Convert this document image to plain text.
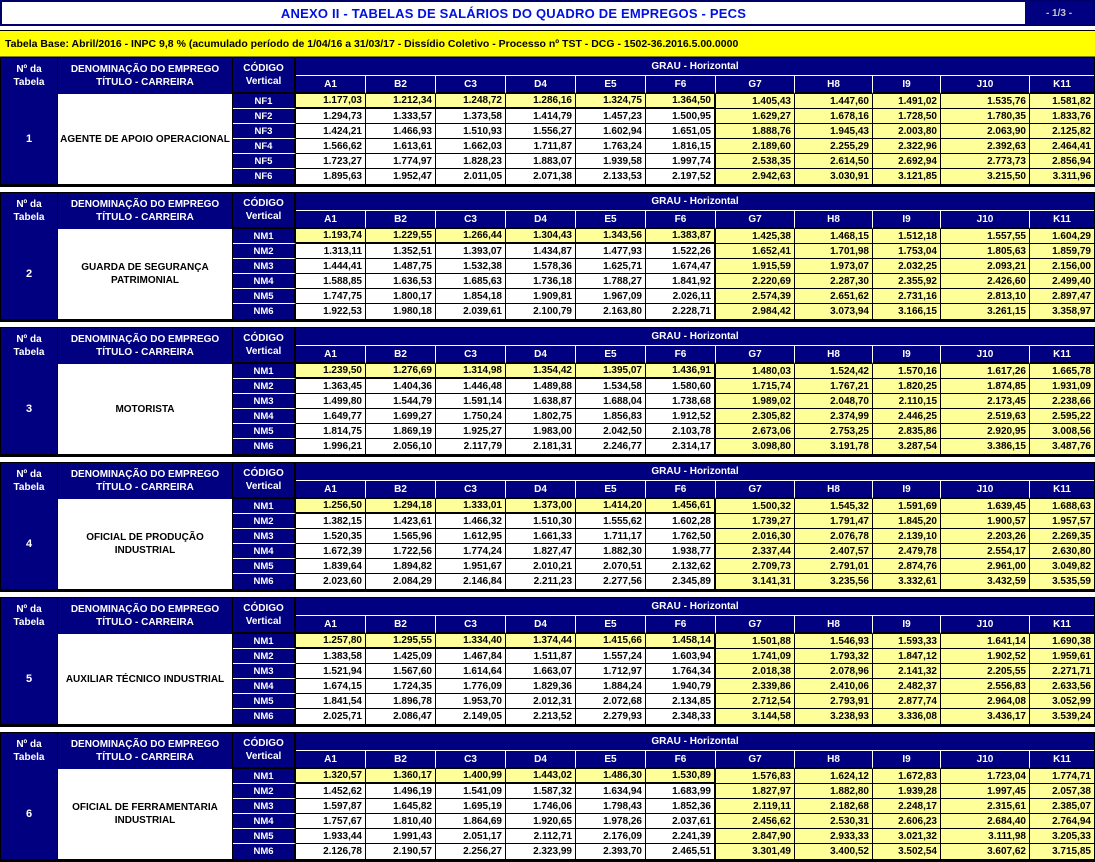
ANEXO II - TABELAS DE SALÁRIOS DO QUADRO DE EMPREGOS - PECS	- 1/3 -
Tabela Base: Abril/2016 - INPC 9,8 % (acumulado período de 1/04/16 a 31/03/17 - Dissídio Coletivo - Processo nº TST - DCG - 1502-36.2016.5.00.0000
Nº da
Tabela
DENOMINAÇÃO DO EMPREGO
TÍTULO - CARREIRA
CÓDIGO
Vertical
GRAU - Horizontal
1	AGENTE DE APOIO OPERACIONAL
A1	B2	C3	D4	E5	F6	G7	H8	I9	J10	K11
NF1	1.177,03	1.212,34	1.248,72	1.286,16	1.324,75	1.364,50	1.405,43	1.447,60	1.491,02	1.535,76	1.581,82
NF2	1.294,73	1.333,57	1.373,58	1.414,79	1.457,23	1.500,95	1.629,27	1.678,16	1.728,50	1.780,35	1.833,76
NF3	1.424,21	1.466,93	1.510,93	1.556,27	1.602,94	1.651,05	1.888,76	1.945,43	2.003,80	2.063,90	2.125,82
NF4	1.566,62	1.613,61	1.662,03	1.711,87	1.763,24	1.816,15	2.189,60	2.255,29	2.322,96	2.392,63	2.464,41
NF5	1.723,27	1.774,97	1.828,23	1.883,07	1.939,58	1.997,74	2.538,35	2.614,50	2.692,94	2.773,73	2.856,94
NF6	1.895,63	1.952,47	2.011,05	2.071,38	2.133,53	2.197,52	2.942,63	3.030,91	3.121,85	3.215,50	3.311,96
Nº da
Tabela
DENOMINAÇÃO DO EMPREGO
TÍTULO - CARREIRA
CÓDIGO
Vertical
GRAU - Horizontal
2
GUARDA DE SEGURANÇA
PATRIMONIAL
A1	B2	C3	D4	E5	F6	G7	H8	I9	J10	K11
NM1	1.193,74	1.229,55	1.266,44	1.304,43	1.343,56	1.383,87	1.425,38	1.468,15	1.512,18	1.557,55	1.604,29
NM2	1.313,11	1.352,51	1.393,07	1.434,87	1.477,93	1.522,26	1.652,41	1.701,98	1.753,04	1.805,63	1.859,79
NM3	1.444,41	1.487,75	1.532,38	1.578,36	1.625,71	1.674,47	1.915,59	1.973,07	2.032,25	2.093,21	2.156,00
NM4	1.588,85	1.636,53	1.685,63	1.736,18	1.788,27	1.841,92	2.220,69	2.287,30	2.355,92	2.426,60	2.499,40
NM5	1.747,75	1.800,17	1.854,18	1.909,81	1.967,09	2.026,11	2.574,39	2.651,62	2.731,16	2.813,10	2.897,47
NM6	1.922,53	1.980,18	2.039,61	2.100,79	2.163,80	2.228,71	2.984,42	3.073,94	3.166,15	3.261,15	3.358,97
Nº da
Tabela
DENOMINAÇÃO DO EMPREGO
TÍTULO - CARREIRA
CÓDIGO
Vertical
GRAU - Horizontal
3	MOTORISTA
A1	B2	C3	D4	E5	F6	G7	H8	I9	J10	K11
NM1	1.239,50	1.276,69	1.314,98	1.354,42	1.395,07	1.436,91	1.480,03	1.524,42	1.570,16	1.617,26	1.665,78
NM2	1.363,45	1.404,36	1.446,48	1.489,88	1.534,58	1.580,60	1.715,74	1.767,21	1.820,25	1.874,85	1.931,09
NM3	1.499,80	1.544,79	1.591,14	1.638,87	1.688,04	1.738,68	1.989,02	2.048,70	2.110,15	2.173,45	2.238,66
NM4	1.649,77	1.699,27	1.750,24	1.802,75	1.856,83	1.912,52	2.305,82	2.374,99	2.446,25	2.519,63	2.595,22
NM5	1.814,75	1.869,19	1.925,27	1.983,00	2.042,50	2.103,78	2.673,06	2.753,25	2.835,86	2.920,95	3.008,56
NM6	1.996,21	2.056,10	2.117,79	2.181,31	2.246,77	2.314,17	3.098,80	3.191,78	3.287,54	3.386,15	3.487,76
Nº da
Tabela
DENOMINAÇÃO DO EMPREGO
TÍTULO - CARREIRA
CÓDIGO
Vertical
GRAU - Horizontal
4
OFICIAL DE PRODUÇÃO
INDUSTRIAL
A1	B2	C3	D4	E5	F6	G7	H8	I9	J10	K11
NM1	1.256,50	1.294,18	1.333,01	1.373,00	1.414,20	1.456,61	1.500,32	1.545,32	1.591,69	1.639,45	1.688,63
NM2	1.382,15	1.423,61	1.466,32	1.510,30	1.555,62	1.602,28	1.739,27	1.791,47	1.845,20	1.900,57	1.957,57
NM3	1.520,35	1.565,96	1.612,95	1.661,33	1.711,17	1.762,50	2.016,30	2.076,78	2.139,10	2.203,26	2.269,35
NM4	1.672,39	1.722,56	1.774,24	1.827,47	1.882,30	1.938,77	2.337,44	2.407,57	2.479,78	2.554,17	2.630,80
NM5	1.839,64	1.894,82	1.951,67	2.010,21	2.070,51	2.132,62	2.709,73	2.791,01	2.874,76	2.961,00	3.049,82
NM6	2.023,60	2.084,29	2.146,84	2.211,23	2.277,56	2.345,89	3.141,31	3.235,56	3.332,61	3.432,59	3.535,59
Nº da
Tabela
DENOMINAÇÃO DO EMPREGO
TÍTULO - CARREIRA
CÓDIGO
Vertical
GRAU - Horizontal
5	AUXILIAR TÉCNICO INDUSTRIAL
A1	B2	C3	D4	E5	F6	G7	H8	I9	J10	K11
NM1	1.257,80	1.295,55	1.334,40	1.374,44	1.415,66	1.458,14	1.501,88	1.546,93	1.593,33	1.641,14	1.690,38
NM2	1.383,58	1.425,09	1.467,84	1.511,87	1.557,24	1.603,94	1.741,09	1.793,32	1.847,12	1.902,52	1.959,61
NM3	1.521,94	1.567,60	1.614,64	1.663,07	1.712,97	1.764,34	2.018,38	2.078,96	2.141,32	2.205,55	2.271,71
NM4	1.674,15	1.724,35	1.776,09	1.829,36	1.884,24	1.940,79	2.339,86	2.410,06	2.482,37	2.556,83	2.633,56
NM5	1.841,54	1.896,78	1.953,70	2.012,31	2.072,68	2.134,85	2.712,54	2.793,91	2.877,74	2.964,08	3.052,99
NM6	2.025,71	2.086,47	2.149,05	2.213,52	2.279,93	2.348,33	3.144,58	3.238,93	3.336,08	3.436,17	3.539,24
Nº da
Tabela
DENOMINAÇÃO DO EMPREGO
TÍTULO - CARREIRA
CÓDIGO
Vertical
GRAU - Horizontal
6
OFICIAL DE FERRAMENTARIA
INDUSTRIAL
A1	B2	C3	D4	E5	F6	G7	H8	I9	J10	K11
NM1	1.320,57	1.360,17	1.400,99	1.443,02	1.486,30	1.530,89	1.576,83	1.624,12	1.672,83	1.723,04	1.774,71
NM2	1.452,62	1.496,19	1.541,09	1.587,32	1.634,94	1.683,99	1.827,97	1.882,80	1.939,28	1.997,45	2.057,38
NM3	1.597,87	1.645,82	1.695,19	1.746,06	1.798,43	1.852,36	2.119,11	2.182,68	2.248,17	2.315,61	2.385,07
NM4	1.757,67	1.810,40	1.864,69	1.920,65	1.978,26	2.037,61	2.456,62	2.530,31	2.606,23	2.684,40	2.764,94
NM5	1.933,44	1.991,43	2.051,17	2.112,71	2.176,09	2.241,39	2.847,90	2.933,33	3.021,32	3.111,98	3.205,33
NM6	2.126,78	2.190,57	2.256,27	2.323,99	2.393,70	2.465,51	3.301,49	3.400,52	3.502,54	3.607,62	3.715,85
